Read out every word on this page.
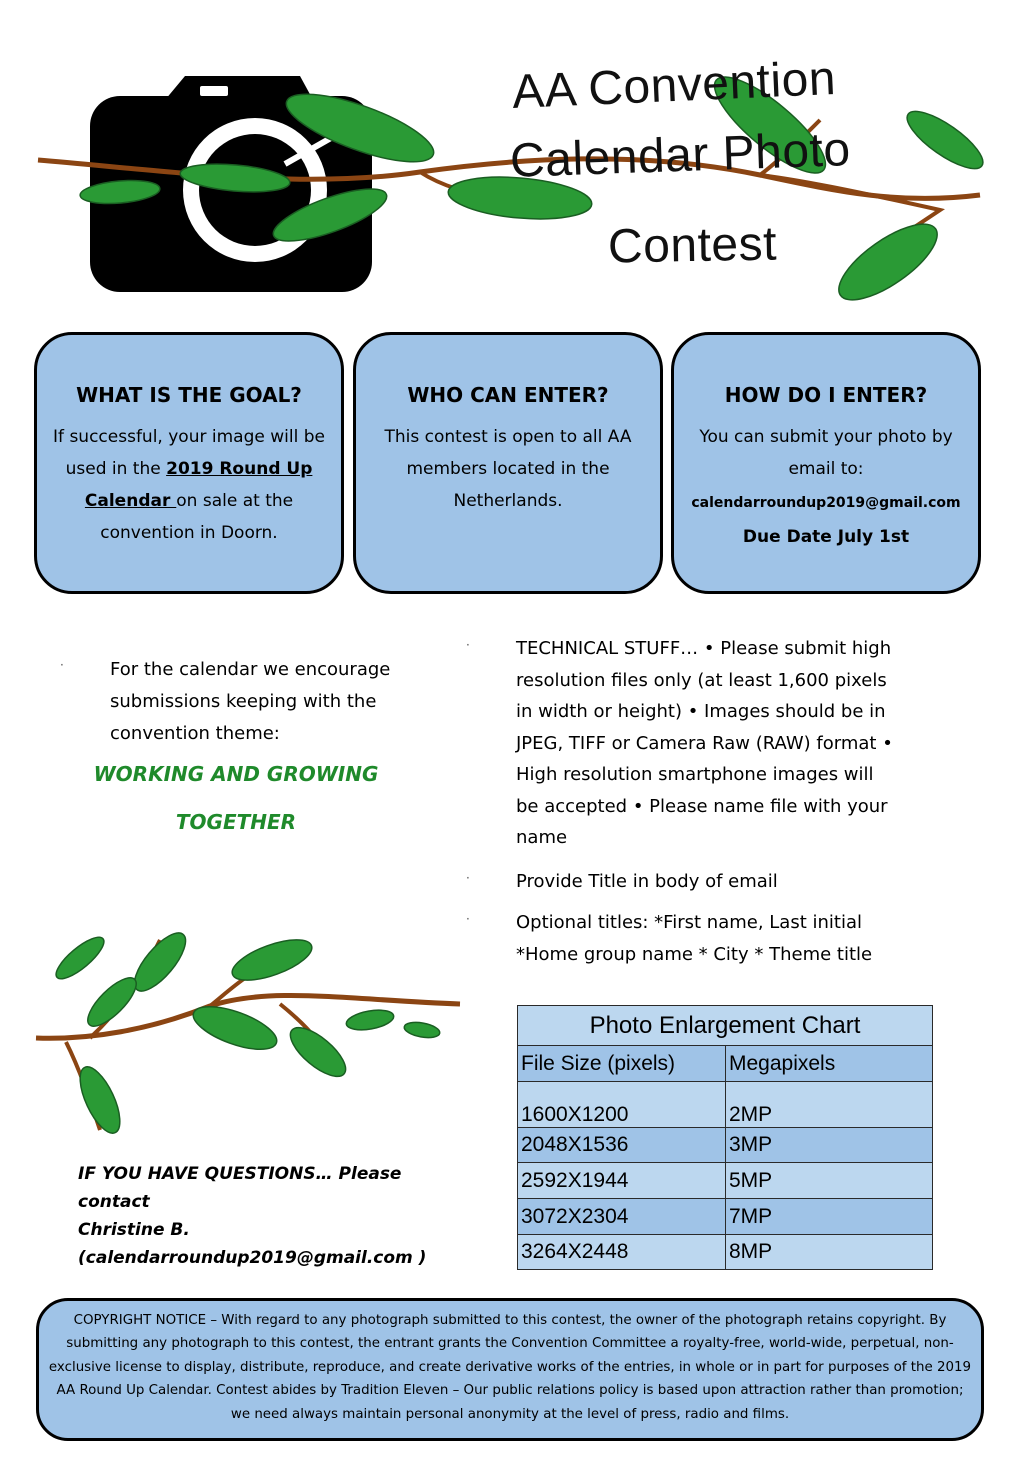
AA Convention
Calendar Photo
Contest
WHAT IS THE GOAL?
If successful, your image will be used in the 2019 Round Up Calendar on sale at the convention in Doorn.
WHO CAN ENTER?
This contest is open to all AA members located in the Netherlands.
HOW DO I ENTER?
You can submit your photo by email to:
calendarroundup2019@gmail.com
Due Date July 1st
·	For the calendar we encourage submissions keeping with the convention theme:
WORKING AND GROWING
TOGETHER
·	TECHNICAL STUFF… • Please submit high resolution files only (at least 1,600 pixels in width or height) • Images should be in JPEG, TIFF or Camera Raw (RAW) format • High resolution smartphone images will be accepted • Please name file with your name
·	Provide Title in body of email
·	Optional titles: *First name, Last initial *Home group name * City * Theme title
IF YOU HAVE QUESTIONS… Please contact
Christine B.
(calendarroundup2019@gmail.com )
Photo Enlargement Chart	
File Size (pixels)	Megapixels
1600X1200	2MP
2048X1536	3MP
2592X1944	5MP
3072X2304	7MP
3264X2448	8MP
COPYRIGHT NOTICE – With regard to any photograph submitted to this contest, the owner of the photograph retains copyright. By submitting any photograph to this contest, the entrant grants the Convention Committee a royalty-free, world-wide, perpetual, non-exclusive license to display, distribute, reproduce, and create derivative works of the entries, in whole or in part for purposes of the 2019 AA Round Up Calendar. Contest abides by Tradition Eleven – Our public relations policy is based upon attraction rather than promotion; we need always maintain personal anonymity at the level of press, radio and films.
